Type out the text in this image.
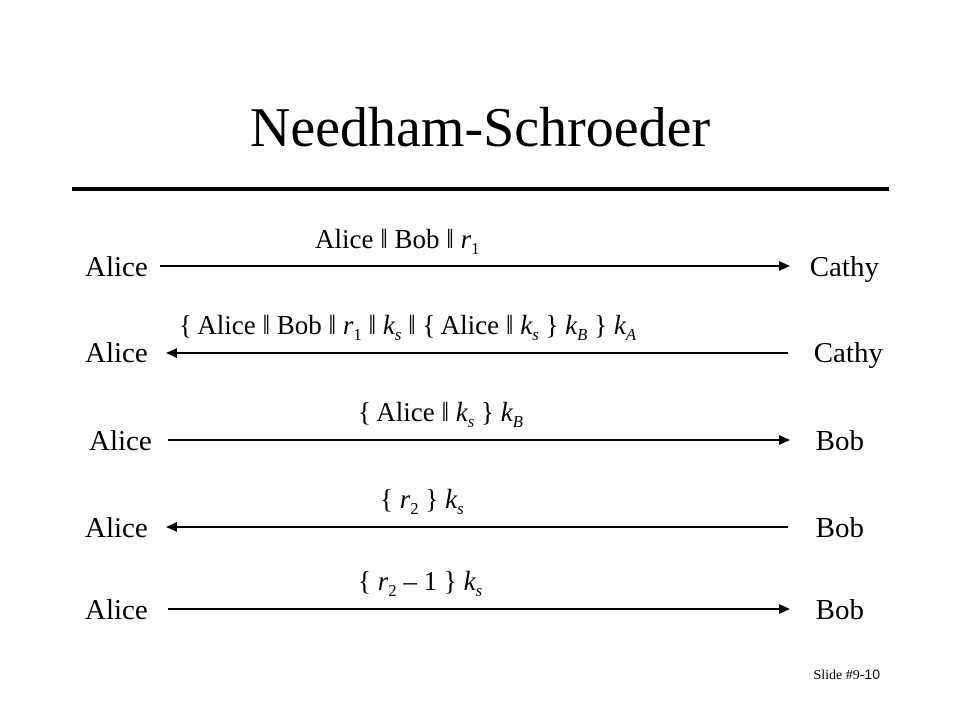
Needham-Schroeder
Alice
Alice ‖ Bob ‖ $r_1$
Cathy
Alice
{ Alice ‖ Bob ‖ $r_1$ ‖ $k_s$ ‖ { Alice ‖ $k_s$ } $k_B$ } $k_A$
Cathy
Alice
{ Alice ‖ $k_s$ } $k_B$
Bob
Alice
{ $r_2$ } $k_s$
Bob
Alice
{ $r_2 - 1$ } $k_s$
Bob
Slide #9-10
